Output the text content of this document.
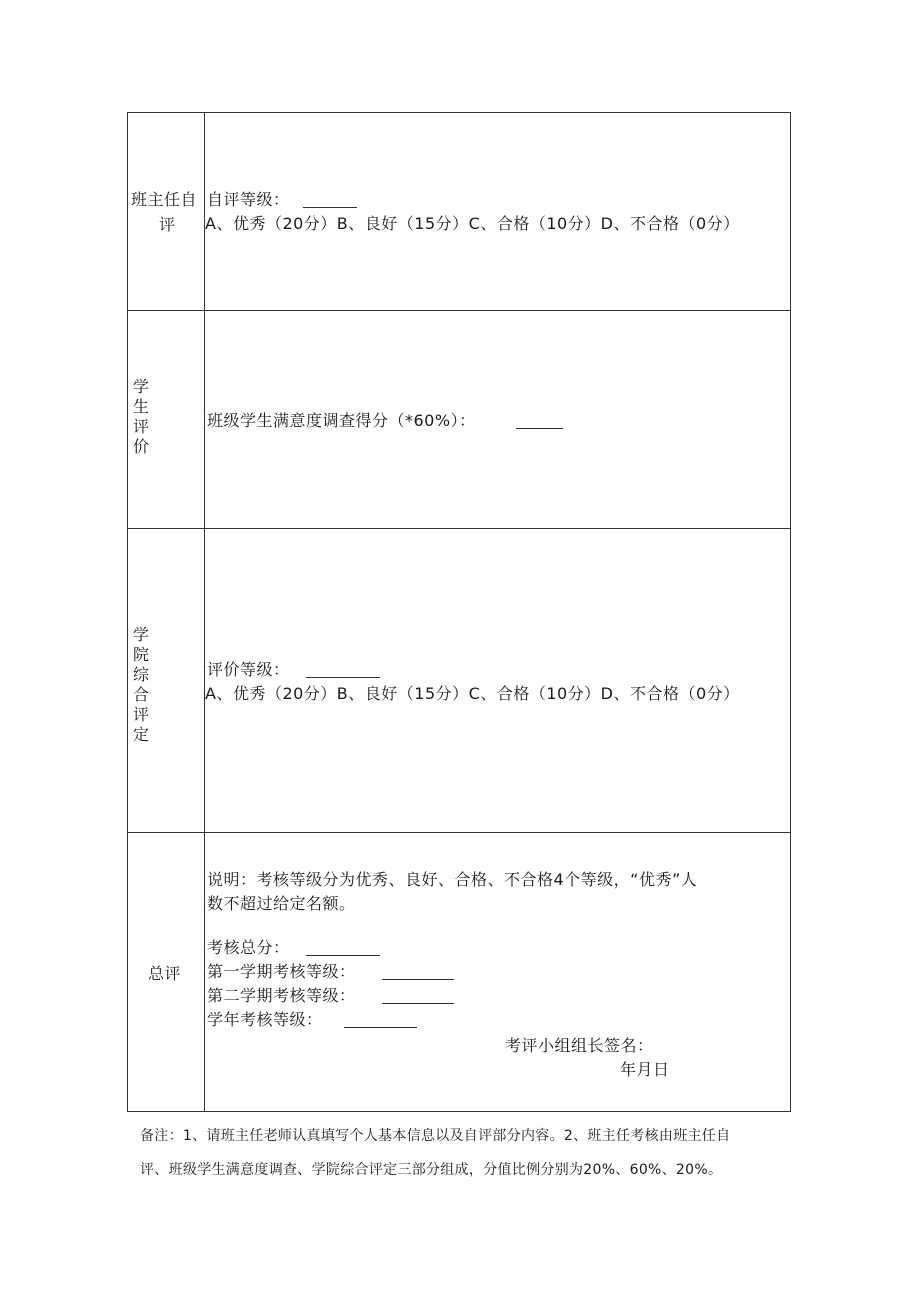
班主任自
评
自评等级：
A、优秀（20分）B、良好（15分）C、合格（10分）D、不合格（0分）
学生评价
班级学生满意度调查得分（*60%）：
学院综合评定
评价等级：
A、优秀（20分）B、良好（15分）C、合格（10分）D、不合格（0分）
总评
说明：考核等级分为优秀、良好、合格、不合格4个等级，“优秀”人
数不超过给定名额。
考核总分：
第一学期考核等级：
第二学期考核等级：
学年考核等级：
考评小组组长签名：
年月日
备注：1、请班主任老师认真填写个人基本信息以及自评部分内容。2、班主任考核由班主任自
评、班级学生满意度调查、学院综合评定三部分组成，分值比例分别为20%、60%、20%。
